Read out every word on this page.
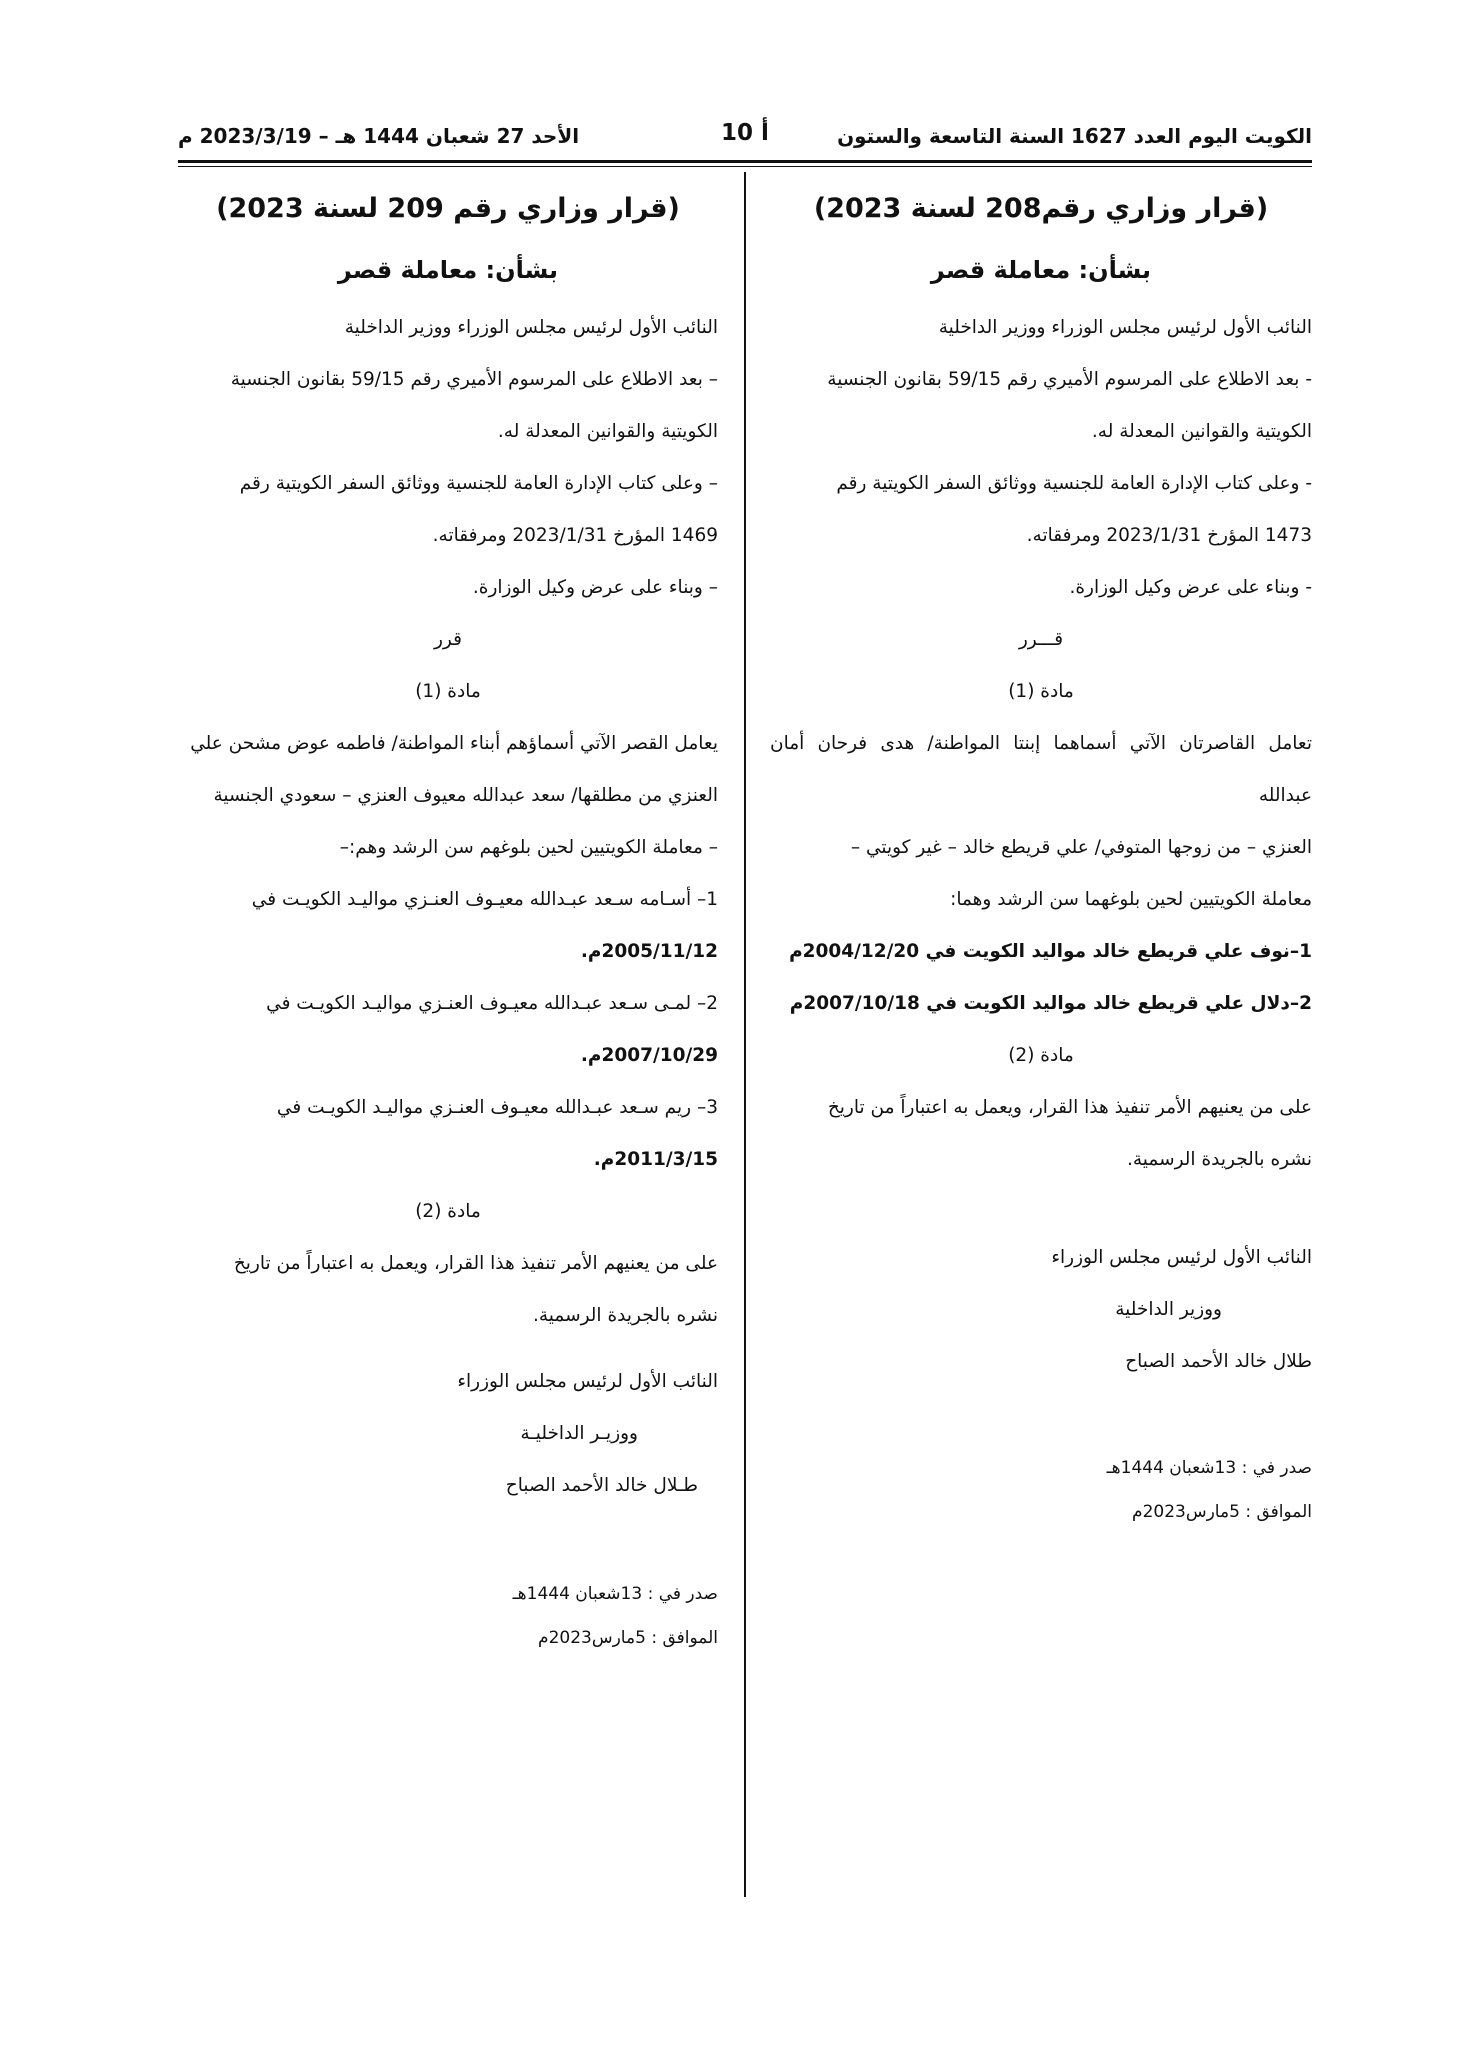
الكويت اليوم العدد 1627 السنة التاسعة والستون
أ 10
الأحد 27 شعبان 1444 هـ – 2023/3/19 م

(قرار وزاري رقم208 لسنة 2023)

بشأن: معاملة قصر

النائب الأول لرئيس مجلس الوزراء ووزير الداخلية

- بعد الاطلاع على المرسوم الأميري رقم 59/15 بقانون الجنسية

الكويتية والقوانين المعدلة له.

- وعلى كتاب الإدارة العامة للجنسية ووثائق السفر الكويتية رقم

1473 المؤرخ 2023/1/31 ومرفقاته.

- وبناء على عرض وكيل الوزارة.

قـــرر

مادة (1)

تعامل القاصرتان الآتي أسماهما إبنتا المواطنة/ هدى فرحان أمان عبدالله

العنزي – من زوجها المتوفي/ علي قريطع خالد – غير كويتي –

معاملة الكويتيين لحين بلوغهما سن الرشد وهما:

1–نوف علي قريطع خالد مواليد الكويت في 2004/12/20م

2–دلال علي قريطع خالد مواليد الكويت في 2007/10/18م

مادة (2)

على من يعنيهم الأمر تنفيذ هذا القرار، ويعمل به اعتباراً من تاريخ

نشره بالجريدة الرسمية.

النائب الأول لرئيس مجلس الوزراء

ووزير الداخلية

طلال خالد الأحمد الصباح

صدر في : 13شعبان 1444هـ

الموافق : 5مارس2023م

(قرار وزاري رقم 209 لسنة 2023)

بشأن: معاملة قصر

النائب الأول لرئيس مجلس الوزراء ووزير الداخلية

– بعد الاطلاع على المرسوم الأميري رقم 59/15 بقانون الجنسية

الكويتية والقوانين المعدلة له.

– وعلى كتاب الإدارة العامة للجنسية ووثائق السفر الكويتية رقم

1469 المؤرخ 2023/1/31 ومرفقاته.

– وبناء على عرض وكيل الوزارة.

قرر

مادة (1)

يعامل القصر الآتي أسماؤهم أبناء المواطنة/ فاطمه عوض مشحن علي

العنزي من مطلقها/ سعد عبدالله معيوف العنزي – سعودي الجنسية

– معاملة الكويتيين لحين بلوغهم سن الرشد وهم:–

1– أسـامه سـعد عبـدالله معيـوف العنـزي مواليـد الكويـت في

2005/11/12م.

2– لمـى سـعد عبـدالله معيـوف العنـزي مواليـد الكويـت في

2007/10/29م.

3– ريم سـعد عبـدالله معيـوف العنـزي مواليـد الكويـت في

2011/3/15م.

مادة (2)

على من يعنيهم الأمر تنفيذ هذا القرار، ويعمل به اعتباراً من تاريخ

نشره بالجريدة الرسمية.

النائب الأول لرئيس مجلس الوزراء

ووزيـر الداخليـة

طـلال خالد الأحمد الصباح

صدر في : 13شعبان 1444هـ

الموافق : 5مارس2023م
